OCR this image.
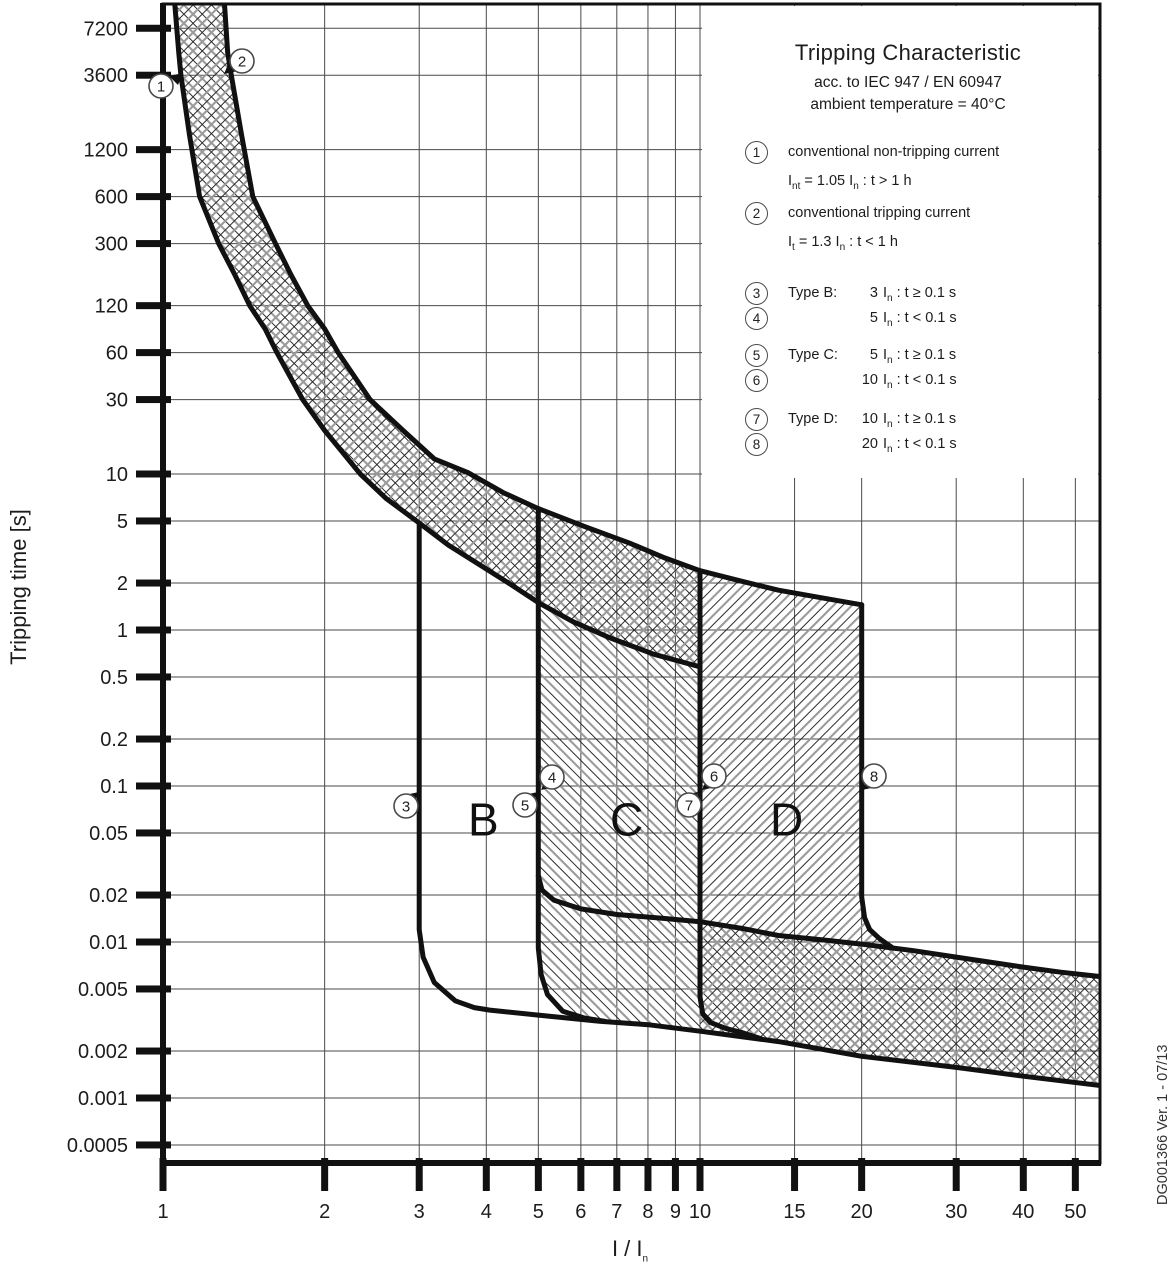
7200
3600
1200
600
300
120
60
30
10
5
2
1
0.5
0.2
0.1
0.05
0.02
0.01
0.005
0.002
0.001
0.0005
1	2	3	4 5 6 7 8 9 10	15 20	30 40 50
B C	D
1
2
3
4
5
6
7
8
Tripping Characteristic
acc. to IEC 947 / EN 60947
ambient temperature = 40°C
1	conventional non-tripping current
$I_{nt} = 1.05$ $I_n$ : t > 1 h
2	conventional tripping current
$I_t = 1.3$ $I_n$ : t < 1 h
3
4
Type B: 3 $I_n$ : t ≥ 0.1 s
5 $I_n$ : t < 0.1 s
5
6
Type C: 5 $I_n$ : t ≥ 0.1 s
10 $I_n$ : t < 0.1 s
7
8
Type D: 10 $I_n$ : t ≥ 0.1 s
20 $I_n$ : t < 0.1 s
Tripping time [s]
I / $I_n$
DG001366 Ver. 1 - 07/13
